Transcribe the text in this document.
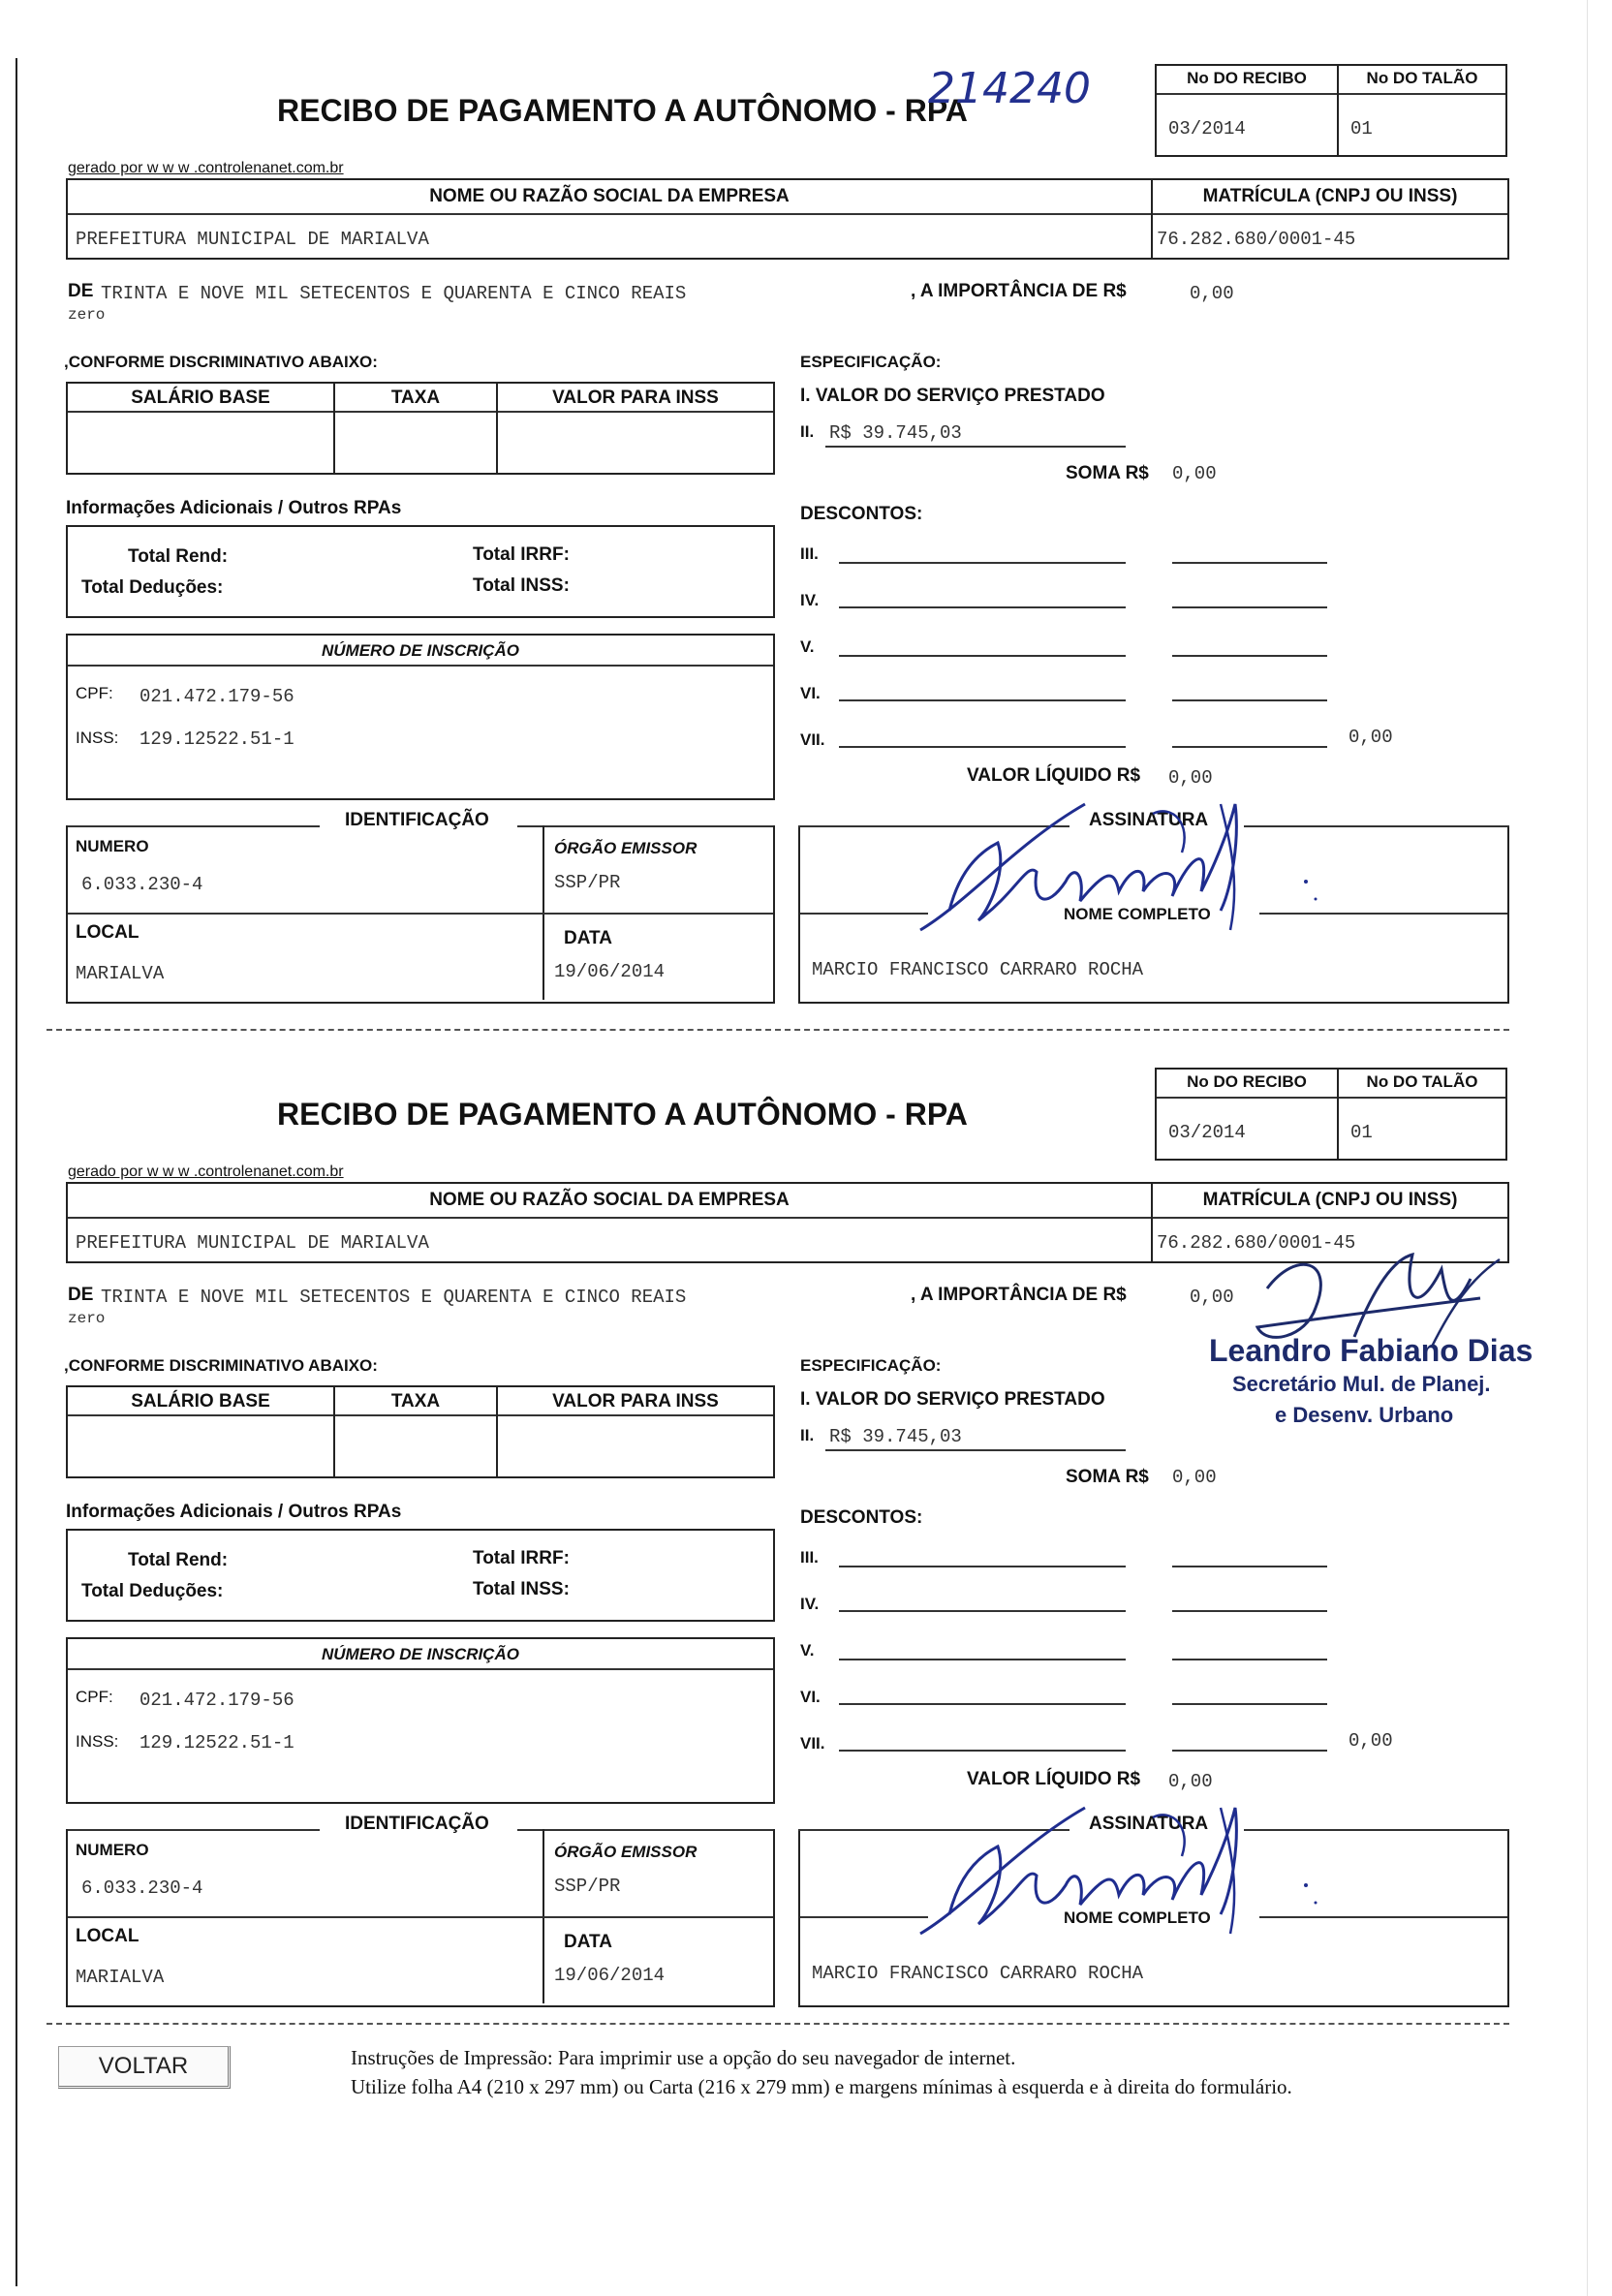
RECIBO DE PAGAMENTO A AUTÔNOMO - RPA
gerado por w w w .controlenanet.com.br
No DO RECIBO	No DO TALÃO
03/2014	01
NOME OU RAZÃO SOCIAL DA EMPRESA	MATRÍCULA (CNPJ OU INSS)
PREFEITURA MUNICIPAL DE MARIALVA	76.282.680/0001-45
DE TRINTA E NOVE MIL SETECENTOS E QUARENTA E CINCO REAIS
zero
, A IMPORTÂNCIA DE R$	0,00
,CONFORME DISCRIMINATIVO ABAIXO:
SALÁRIO BASE	TAXA	VALOR PARA INSS
ESPECIFICAÇÃO:
I. VALOR DO SERVIÇO PRESTADO
II. R$ 39.745,03
SOMA R$ 0,00
Informações Adicionais / Outros RPAs
Total Rend:	Total IRRF:
Total Deduções:	Total INSS:
DESCONTOS:
III.
IV.
V.
VI.
VII.	0,00
NÚMERO DE INSCRIÇÃO
CPF: 021.472.179-56
INSS: 129.12522.51-1
VALOR LÍQUIDO R$ 0,00
IDENTIFICAÇÃO
NUMERO
6.033.230-4
ÓRGÃO EMISSOR
SSP/PR
LOCAL
MARIALVA
DATA
19/06/2014
ASSINATURA
NOME COMPLETO
MARCIO FRANCISCO CARRARO ROCHA
RECIBO DE PAGAMENTO A AUTÔNOMO - RPA
gerado por w w w .controlenanet.com.br
No DO RECIBO	No DO TALÃO
03/2014	01
NOME OU RAZÃO SOCIAL DA EMPRESA	MATRÍCULA (CNPJ OU INSS)
PREFEITURA MUNICIPAL DE MARIALVA	76.282.680/0001-45
DE TRINTA E NOVE MIL SETECENTOS E QUARENTA E CINCO REAIS
zero
, A IMPORTÂNCIA DE R$	0,00
,CONFORME DISCRIMINATIVO ABAIXO:
SALÁRIO BASE	TAXA	VALOR PARA INSS
ESPECIFICAÇÃO:
I. VALOR DO SERVIÇO PRESTADO
II. R$ 39.745,03
SOMA R$ 0,00
Informações Adicionais / Outros RPAs
Total Rend:	Total IRRF:
Total Deduções:	Total INSS:
DESCONTOS:
III.
IV.
V.
VI.
VII.	0,00
NÚMERO DE INSCRIÇÃO
CPF: 021.472.179-56
INSS: 129.12522.51-1
VALOR LÍQUIDO R$ 0,00
IDENTIFICAÇÃO
NUMERO
6.033.230-4
ÓRGÃO EMISSOR
SSP/PR
LOCAL
MARIALVA
DATA
19/06/2014
ASSINATURA
NOME COMPLETO
MARCIO FRANCISCO CARRARO ROCHA
214240
Leandro Fabiano Dias
Secretário Mul. de Planej.
e Desenv. Urbano
VOLTAR	Instruções de Impressão: Para imprimir use a opção do seu navegador de internet.
Utilize folha A4 (210 x 297 mm) ou Carta (216 x 279 mm) e margens mínimas à esquerda e à direita do formulário.
